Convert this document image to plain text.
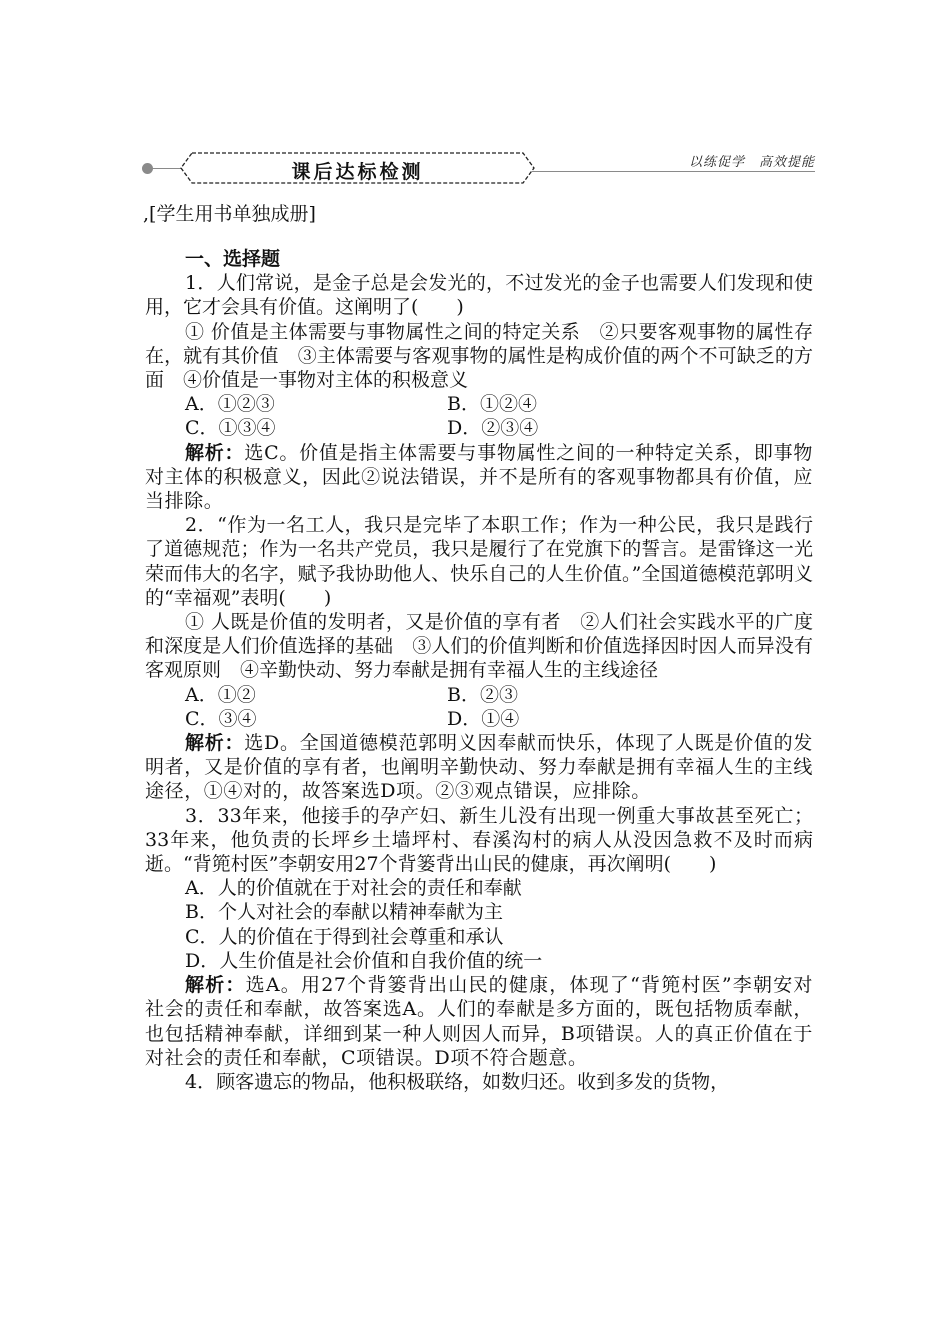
课后达标检测	以练促学　高效提能
,[学生用书单独成册]

一、选择题

1．人们常说，是金子总是会发光的，不过发光的金子也需要人们发现和使用，它才会具有价值。这阐明了(　　)

① 价值是主体需要与事物属性之间的特定关系　②只要客观事物的属性存在，就有其价值　③主体需要与客观事物的属性是构成价值的两个不可缺乏的方面　④价值是一事物对主体的积极意义

A．①②③	B．①②④
C．①③④	D．②③④

解析：选C。价值是指主体需要与事物属性之间的一种特定关系，即事物对主体的积极意义，因此②说法错误，并不是所有的客观事物都具有价值，应当排除。

2．“作为一名工人，我只是完毕了本职工作；作为一种公民，我只是践行了道德规范；作为一名共产党员，我只是履行了在党旗下的誓言。是雷锋这一光荣而伟大的名字，赋予我协助他人、快乐自己的人生价值。”全国道德模范郭明义的“幸福观”表明(　　)

① 人既是价值的发明者，又是价值的享有者　②人们社会实践水平的广度和深度是人们价值选择的基础　③人们的价值判断和价值选择因时因人而异没有客观原则　④辛勤快动、努力奉献是拥有幸福人生的主线途径

A．①②	B．②③
C．③④	D．①④

解析：选D。全国道德模范郭明义因奉献而快乐，体现了人既是价值的发明者，又是价值的享有者，也阐明辛勤快动、努力奉献是拥有幸福人生的主线途径，①④对的，故答案选D项。②③观点错误，应排除。

3．33年来，他接手的孕产妇、新生儿没有出现一例重大事故甚至死亡；33年来，他负责的长坪乡土墙坪村、春溪沟村的病人从没因急救不及时而病逝。“背篼村医”李朝安用27个背篓背出山民的健康，再次阐明(　　)

A．人的价值就在于对社会的责任和奉献

B．个人对社会的奉献以精神奉献为主

C．人的价值在于得到社会尊重和承认

D．人生价值是社会价值和自我价值的统一

解析：选A。用27个背篓背出山民的健康，体现了“背篼村医”李朝安对社会的责任和奉献，故答案选A。人们的奉献是多方面的，既包括物质奉献，也包括精神奉献，详细到某一种人则因人而异，B项错误。人的真正价值在于对社会的责任和奉献，C项错误。D项不符合题意。

4．顾客遗忘的物品，他积极联络，如数归还。收到多发的货物，
